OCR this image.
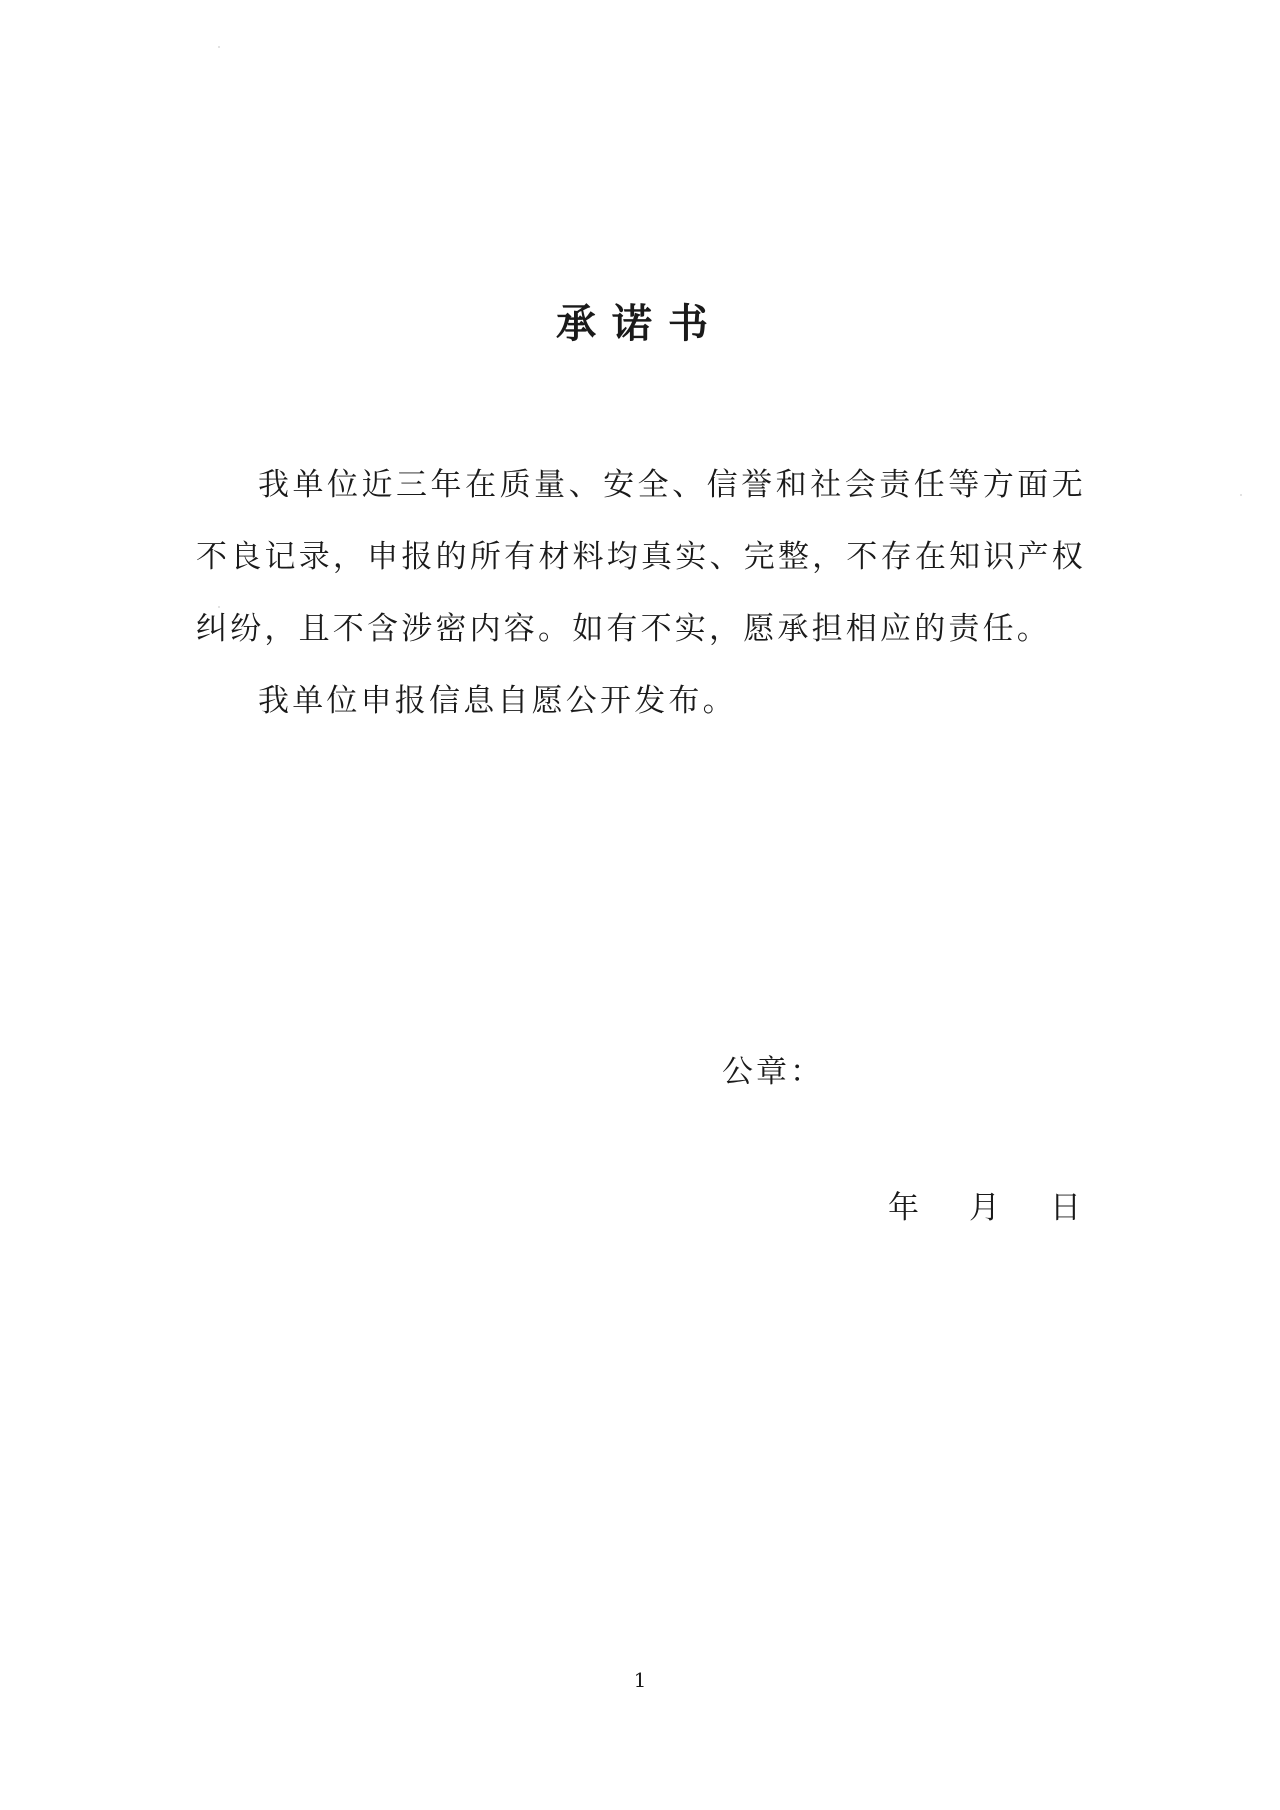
承诺书

我单位近三年在质量、安全、信誉和社会责任等方面无不良记录，申报的所有材料均真实、完整，不存在知识产权纠纷，且不含涉密内容。如有不实，愿承担相应的责任。

我单位申报信息自愿公开发布。

公章：
年 月 日
1
